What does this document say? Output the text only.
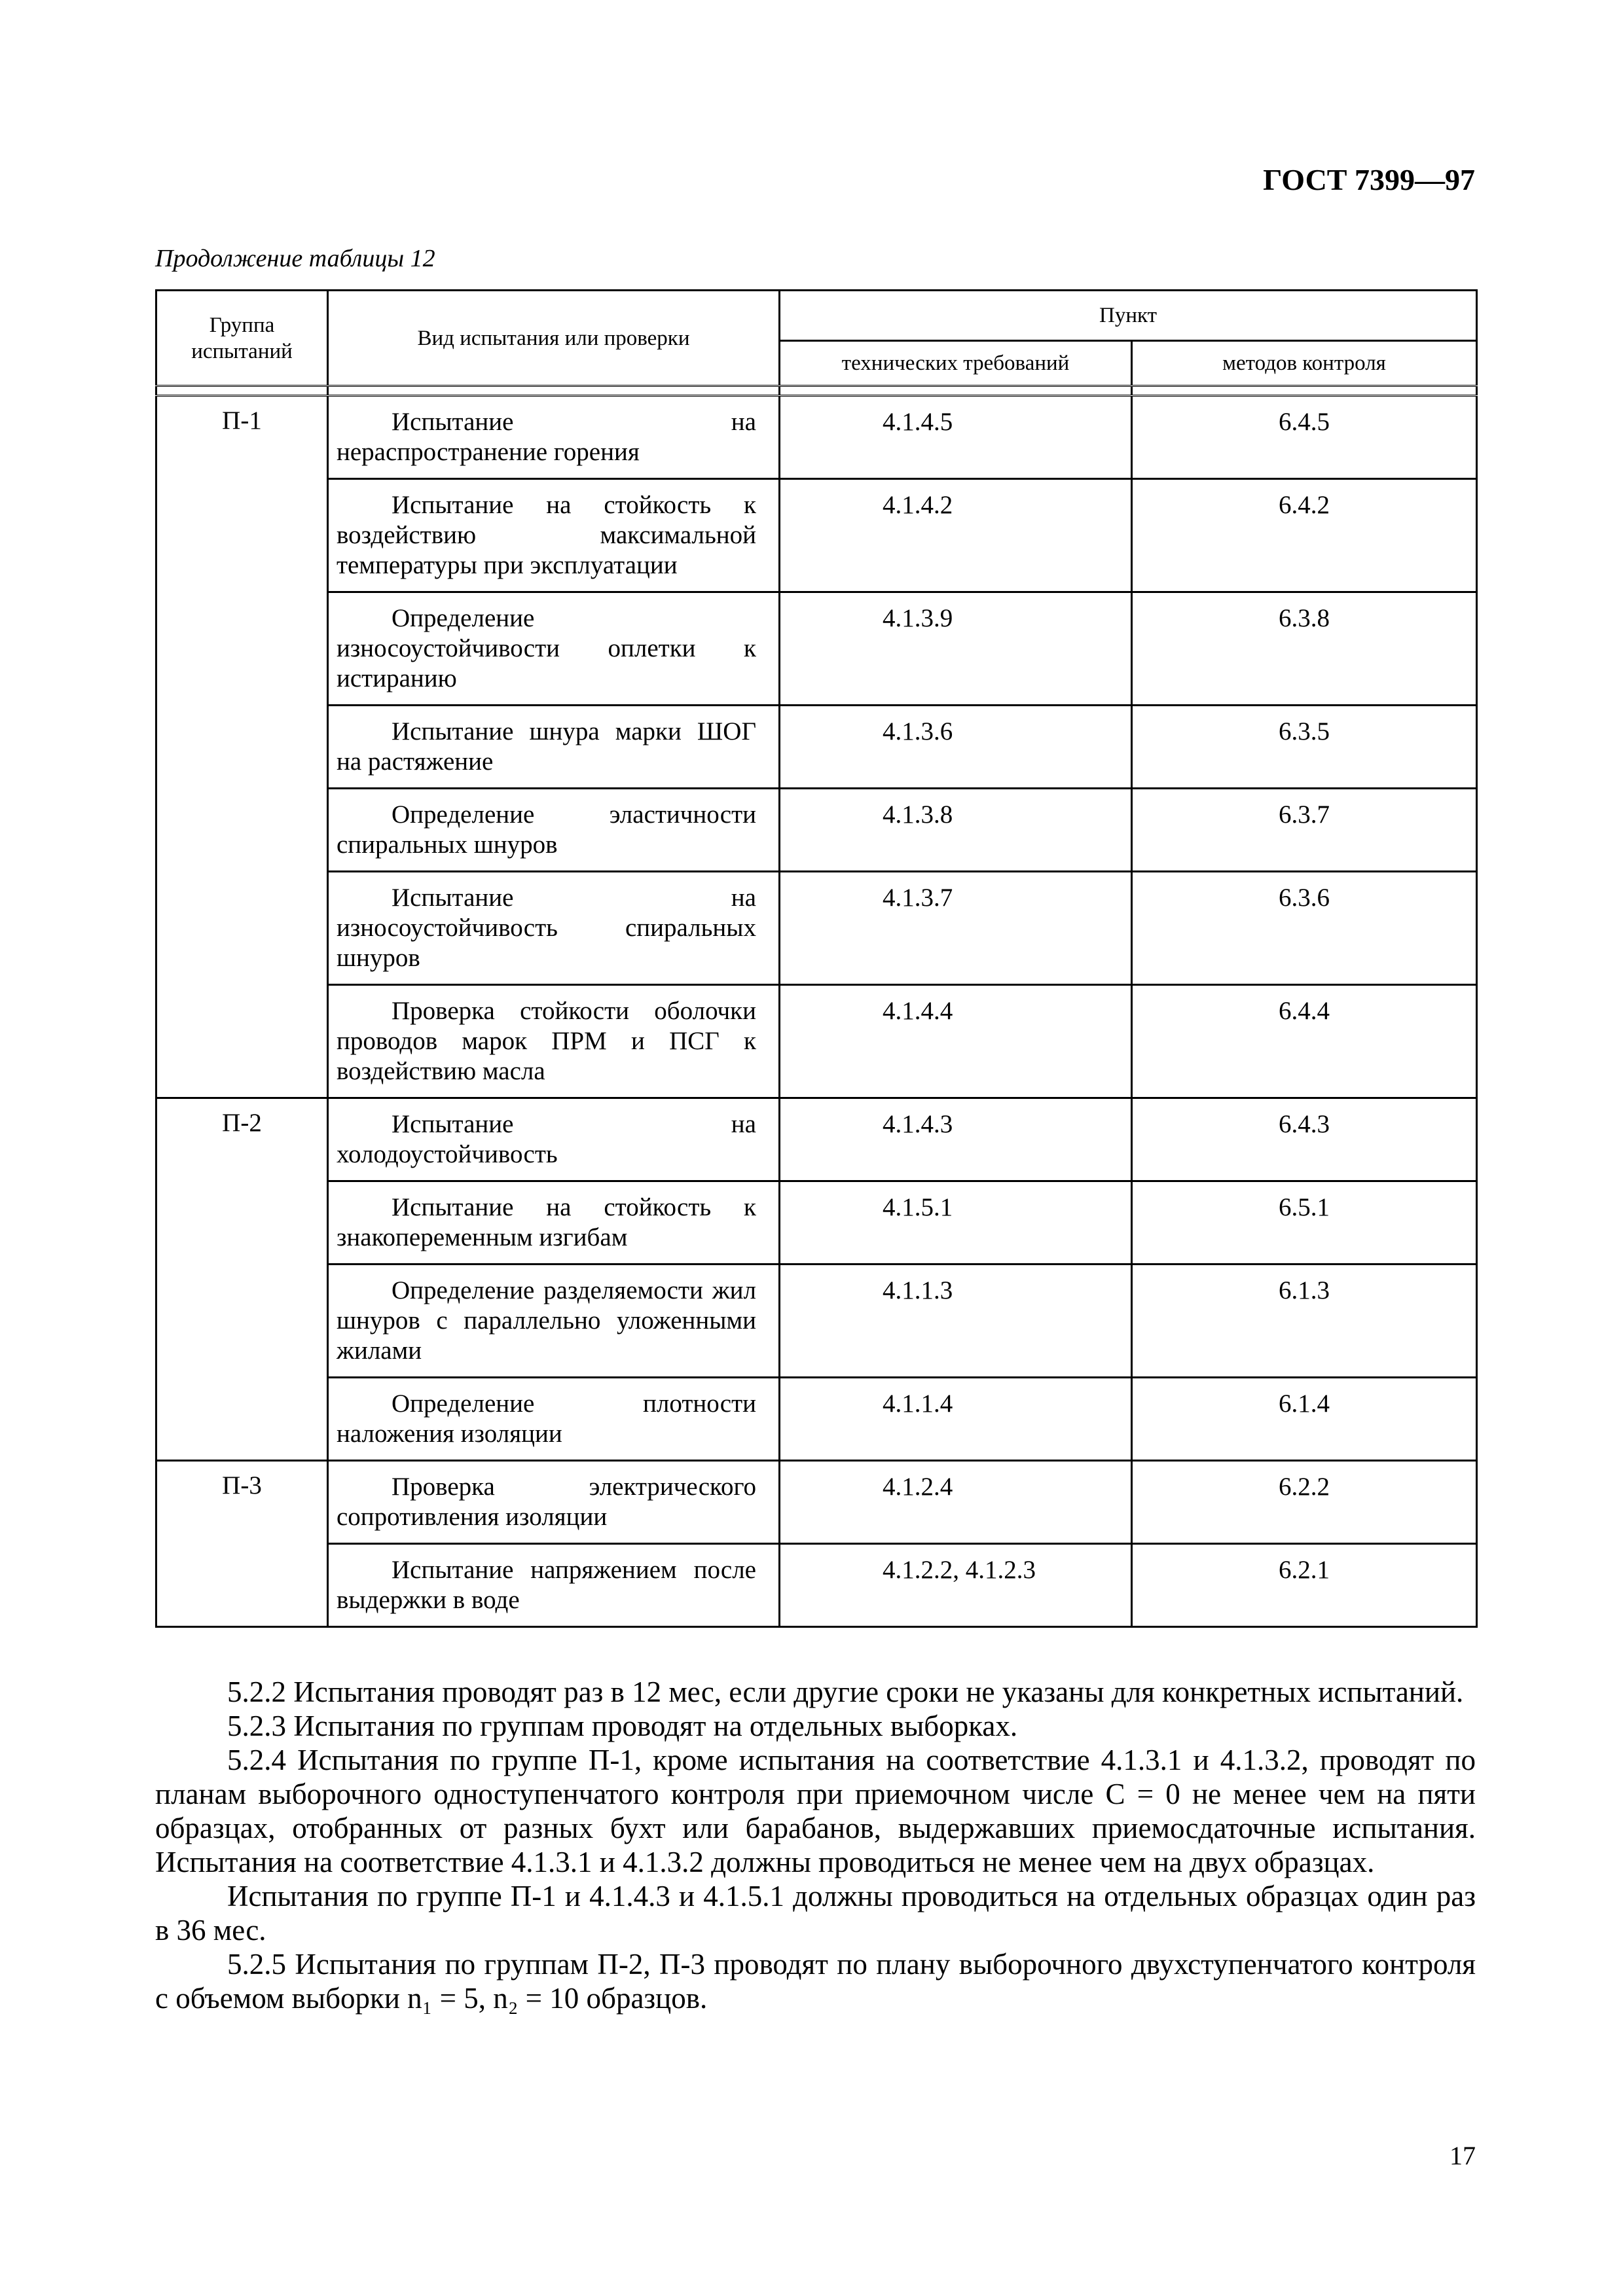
ГОСТ 7399—97
Продолжение таблицы 12
Группа испытаний	Вид испытания или проверки	Пункт	
		технических требований	методов контроля

П-1	Испытание на нераспространение горения	4.1.4.5	6.4.5
	Испытание на стойкость к воздействию максимальной температуры при эксплуатации	4.1.4.2	6.4.2
	Определение износоустойчивости оплетки к истиранию	4.1.3.9	6.3.8
	Испытание шнура марки ШОГ на растяжение	4.1.3.6	6.3.5
	Определение эластичности спиральных шнуров	4.1.3.8	6.3.7
	Испытание на износоустойчивость спиральных шнуров	4.1.3.7	6.3.6
	Проверка стойкости оболочки проводов марок ПРМ и ПСГ к воздействию масла	4.1.4.4	6.4.4
П-2	Испытание на холодоустойчивость	4.1.4.3	6.4.3
	Испытание на стойкость к знакопеременным изгибам	4.1.5.1	6.5.1
	Определение разделяемости жил шнуров с параллельно уложенными жилами	4.1.1.3	6.1.3
	Определение плотности наложения изоляции	4.1.1.4	6.1.4
П-3	Проверка электрического сопротивления изоляции	4.1.2.4	6.2.2
	Испытание напряжением после выдержки в воде	4.1.2.2, 4.1.2.3	6.2.1

5.2.2 Испытания проводят раз в 12 мес, если другие сроки не указаны для конкретных испытаний.

5.2.3 Испытания по группам проводят на отдельных выборках.

5.2.4 Испытания по группе П-1, кроме испытания на соответствие 4.1.3.1 и 4.1.3.2, проводят по планам выборочного одноступенчатого контроля при приемочном числе C = 0 не менее чем на пяти образцах, отобранных от разных бухт или барабанов, выдержавших приемосдаточные испытания. Испытания на соответствие 4.1.3.1 и 4.1.3.2 должны проводиться не менее чем на двух образцах.

Испытания по группе П-1 и 4.1.4.3 и 4.1.5.1 должны проводиться на отдельных образцах один раз в 36 мес.

5.2.5 Испытания по группам П-2, П-3 проводят по плану выборочного двухступенчатого контроля с объемом выборки n₁ = 5, n₂ = 10 образцов.

17
